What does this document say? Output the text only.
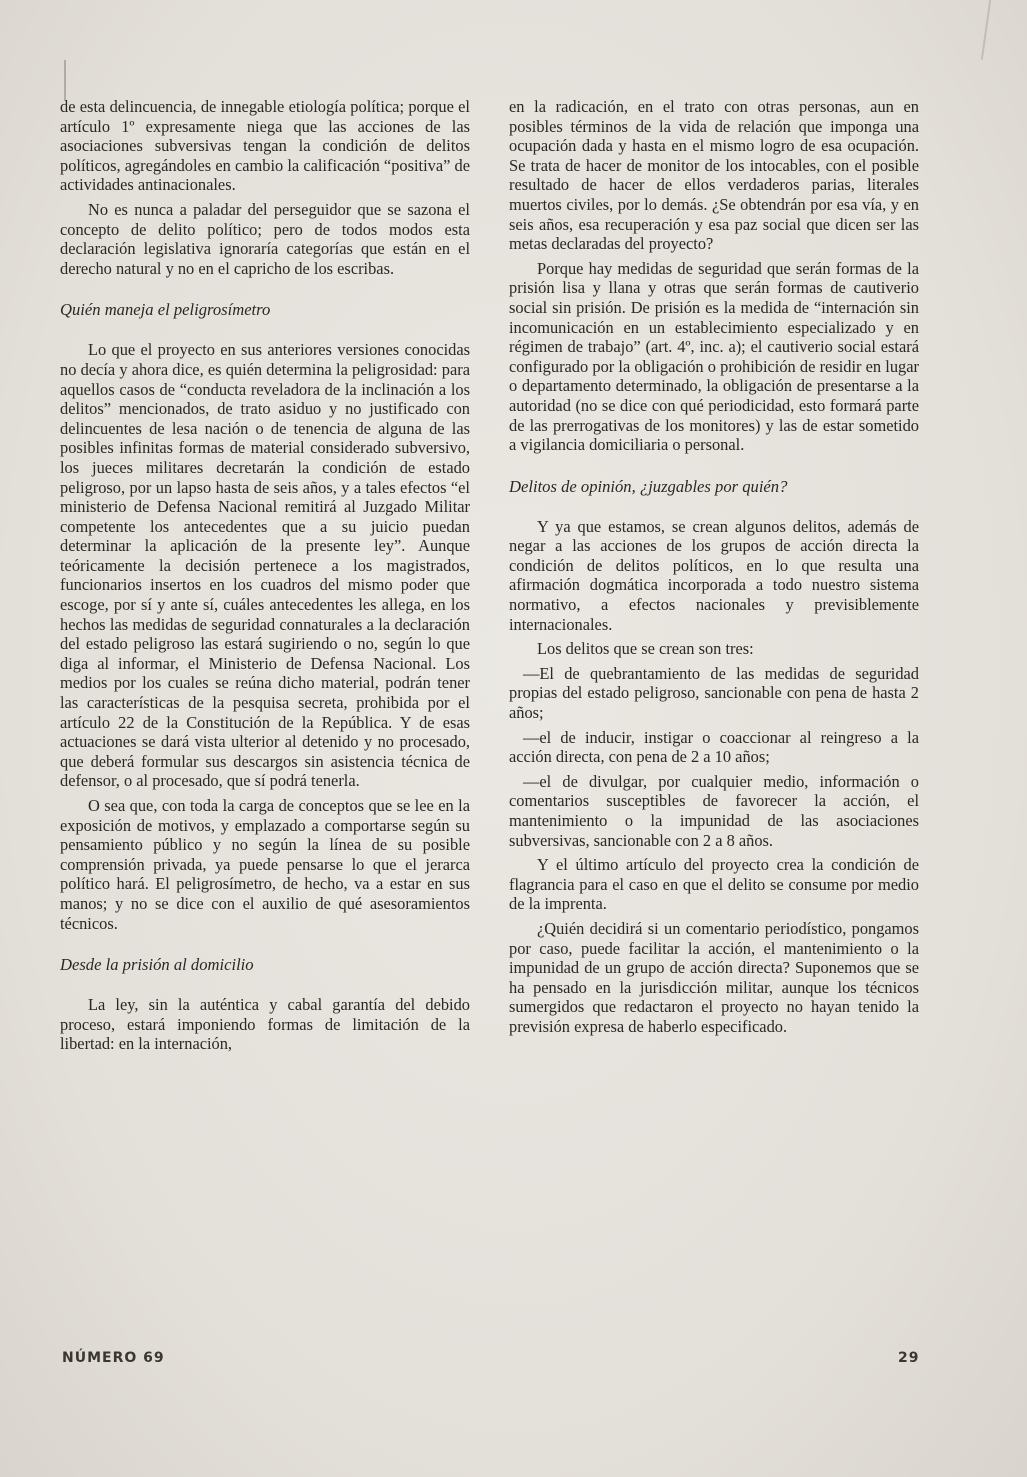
de esta delincuencia, de innegable etiología política; porque el artículo 1º expresamente niega que las acciones de las asociaciones subversivas tengan la condición de delitos políticos, agregándoles en cambio la calificación “positiva” de actividades antinacionales.

No es nunca a paladar del perseguidor que se sazona el concepto de delito político; pero de todos modos esta declaración legislativa ignoraría categorías que están en el derecho natural y no en el capricho de los escribas.

Quién maneja el peligrosímetro

Lo que el proyecto en sus anteriores versiones conocidas no decía y ahora dice, es quién determina la peligrosidad: para aquellos casos de “conducta reveladora de la inclinación a los delitos” mencionados, de trato asiduo y no justificado con delincuentes de lesa nación o de tenencia de alguna de las posibles infinitas formas de material considerado subversivo, los jueces militares decretarán la condición de estado peligroso, por un lapso hasta de seis años, y a tales efectos “el ministerio de Defensa Nacional remitirá al Juzgado Militar competente los antecedentes que a su juicio puedan determinar la aplicación de la presente ley”. Aunque teóricamente la decisión pertenece a los magistrados, funcionarios insertos en los cuadros del mismo poder que escoge, por sí y ante sí, cuáles antecedentes les allega, en los hechos las medidas de seguridad connaturales a la declaración del estado peligroso las estará sugiriendo o no, según lo que diga al informar, el Ministerio de Defensa Nacional. Los medios por los cuales se reúna dicho material, podrán tener las características de la pesquisa secreta, prohibida por el artículo 22 de la Constitución de la República. Y de esas actuaciones se dará vista ulterior al detenido y no procesado, que deberá formular sus descargos sin asistencia técnica de defensor, o al procesado, que sí podrá tenerla.

O sea que, con toda la carga de conceptos que se lee en la exposición de motivos, y emplazado a comportarse según su pensamiento público y no según la línea de su posible comprensión privada, ya puede pensarse lo que el jerarca político hará. El peligrosímetro, de hecho, va a estar en sus manos; y no se dice con el auxilio de qué asesoramientos técnicos.

Desde la prisión al domicilio

La ley, sin la auténtica y cabal garantía del debido proceso, estará imponiendo formas de limitación de la libertad: en la internación,

en la radicación, en el trato con otras personas, aun en posibles términos de la vida de relación que imponga una ocupación dada y hasta en el mismo logro de esa ocupación. Se trata de hacer de monitor de los intocables, con el posible resultado de hacer de ellos verdaderos parias, literales muertos civiles, por lo demás. ¿Se obtendrán por esa vía, y en seis años, esa recuperación y esa paz social que dicen ser las metas declaradas del proyecto?

Porque hay medidas de seguridad que serán formas de la prisión lisa y llana y otras que serán formas de cautiverio social sin prisión. De prisión es la medida de “internación sin incomunicación en un establecimiento especializado y en régimen de trabajo” (art. 4º, inc. a); el cautiverio social estará configurado por la obligación o prohibición de residir en lugar o departamento determinado, la obligación de presentarse a la autoridad (no se dice con qué periodicidad, esto formará parte de las prerrogativas de los monitores) y las de estar sometido a vigilancia domiciliaria o personal.

Delitos de opinión, ¿juzgables por quién?

Y ya que estamos, se crean algunos delitos, además de negar a las acciones de los grupos de acción directa la condición de delitos políticos, en lo que resulta una afirmación dogmática incorporada a todo nuestro sistema normativo, a efectos nacionales y previsiblemente internacionales.

Los delitos que se crean son tres:

—El de quebrantamiento de las medidas de seguridad propias del estado peligroso, sancionable con pena de hasta 2 años;

—el de inducir, instigar o coaccionar al reingreso a la acción directa, con pena de 2 a 10 años;

—el de divulgar, por cualquier medio, información o comentarios susceptibles de favorecer la acción, el mantenimiento o la impunidad de las asociaciones subversivas, sancionable con 2 a 8 años.

Y el último artículo del proyecto crea la condición de flagrancia para el caso en que el delito se consume por medio de la imprenta.

¿Quién decidirá si un comentario periodístico, pongamos por caso, puede facilitar la acción, el mantenimiento o la impunidad de un grupo de acción directa? Suponemos que se ha pensado en la jurisdicción militar, aunque los técnicos sumergidos que redactaron el proyecto no hayan tenido la previsión expresa de haberlo especificado.

NÚMERO 69	29
